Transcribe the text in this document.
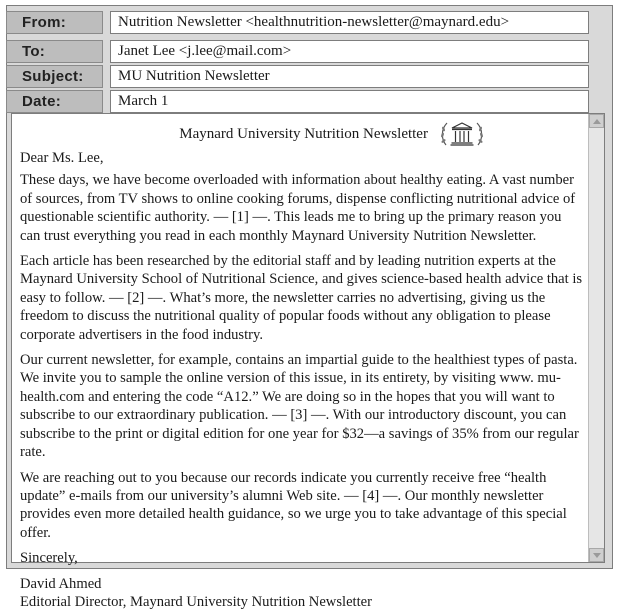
From:	Nutrition Newsletter <healthnutrition-newsletter@maynard.edu>
To:	Janet Lee <j.lee@mail.com>
Subject:	MU Nutrition Newsletter
Date:	March 1
Maynard University Nutrition Newsletter

Dear Ms. Lee,

These days, we have become overloaded with information about healthy eating. A vast number of sources, from TV shows to online cooking forums, dispense conflicting nutritional advice of questionable scientific authority. — [1] —. This leads me to bring up the primary reason you can trust everything you read in each monthly Maynard University Nutrition Newsletter.

Each article has been researched by the editorial staff and by leading nutrition experts at the Maynard University School of Nutritional Science, and gives science-based health advice that is easy to follow. — [2] —. What’s more, the newsletter carries no advertising, giving us the freedom to discuss the nutritional quality of popular foods without any obligation to please corporate advertisers in the food industry.

Our current newsletter, for example, contains an impartial guide to the healthiest types of pasta. We invite you to sample the online version of this issue, in its entirety, by visiting www. mu-health.com and entering the code “A12.” We are doing so in the hopes that you will want to subscribe to our extraordinary publication. — [3] —. With our introductory discount, you can subscribe to the print or digital edition for one year for $32—a savings of 35% from our regular rate.

We are reaching out to you because our records indicate you currently receive free “health update” e-mails from our university’s alumni Web site. — [4] —. Our monthly newsletter provides even more detailed health guidance, so we urge you to take advantage of this special offer.

Sincerely,

David Ahmed

Editorial Director, Maynard University Nutrition Newsletter
